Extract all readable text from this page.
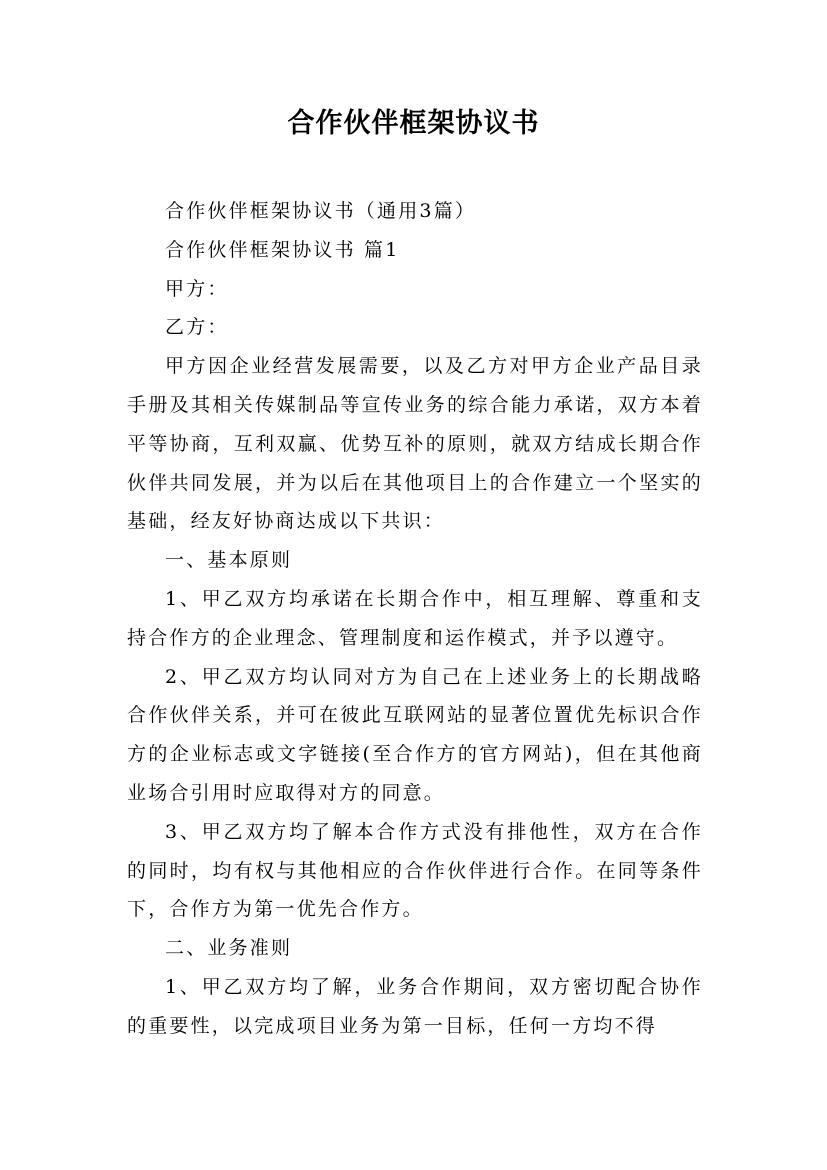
合作伙伴框架协议书

合作伙伴框架协议书（通用3篇）

合作伙伴框架协议书 篇1

甲方：

乙方：

甲方因企业经营发展需要，以及乙方对甲方企业产品目录手册及其相关传媒制品等宣传业务的综合能力承诺，双方本着平等协商，互利双赢、优势互补的原则，就双方结成长期合作伙伴共同发展，并为以后在其他项目上的合作建立一个坚实的基础，经友好协商达成以下共识：

一、基本原则

1、甲乙双方均承诺在长期合作中，相互理解、尊重和支持合作方的企业理念、管理制度和运作模式，并予以遵守。

2、甲乙双方均认同对方为自己在上述业务上的长期战略合作伙伴关系，并可在彼此互联网站的显著位置优先标识合作方的企业标志或文字链接(至合作方的官方网站)，但在其他商业场合引用时应取得对方的同意。

3、甲乙双方均了解本合作方式没有排他性，双方在合作的同时，均有权与其他相应的合作伙伴进行合作。在同等条件下，合作方为第一优先合作方。

二、业务准则

1、甲乙双方均了解，业务合作期间，双方密切配合协作的重要性，以完成项目业务为第一目标，任何一方均不得
